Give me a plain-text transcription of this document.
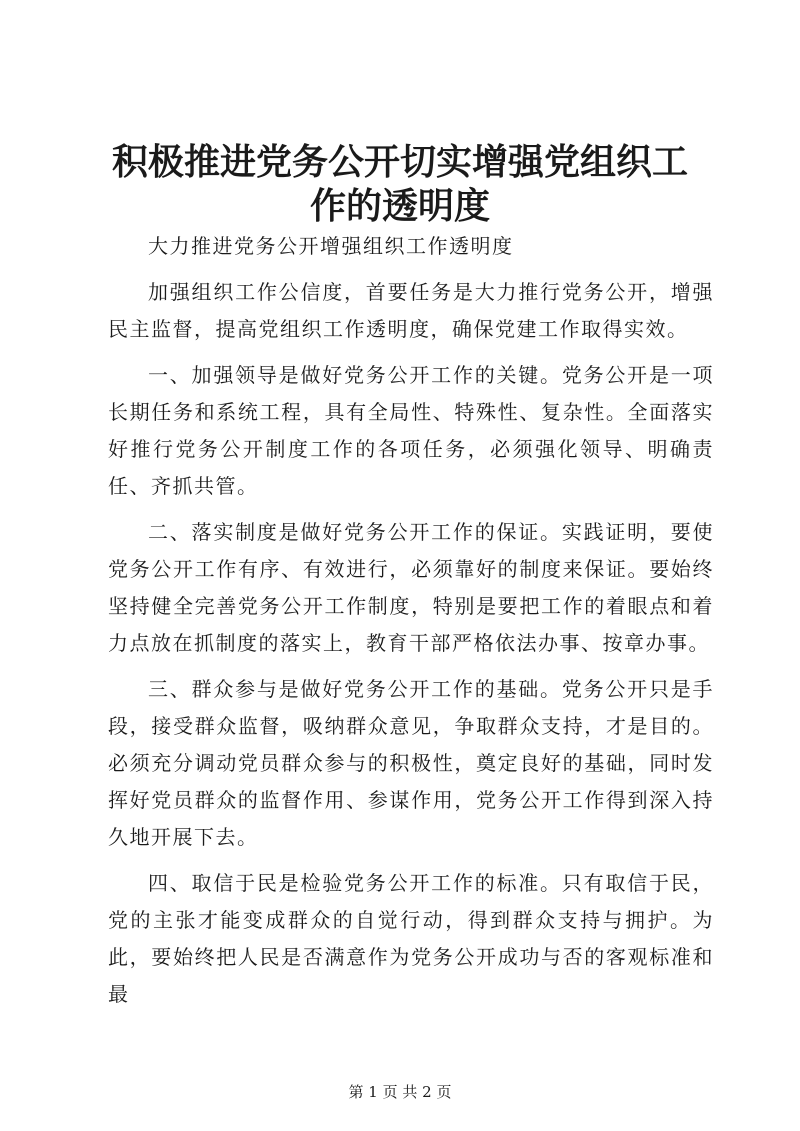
积极推进党务公开切实增强党组织工作的透明度

大力推进党务公开增强组织工作透明度

加强组织工作公信度，首要任务是大力推行党务公开，增强民主监督，提高党组织工作透明度，确保党建工作取得实效。

一、加强领导是做好党务公开工作的关键。党务公开是一项长期任务和系统工程，具有全局性、特殊性、复杂性。全面落实好推行党务公开制度工作的各项任务，必须强化领导、明确责任、齐抓共管。

二、落实制度是做好党务公开工作的保证。实践证明，要使党务公开工作有序、有效进行，必须靠好的制度来保证。要始终坚持健全完善党务公开工作制度，特别是要把工作的着眼点和着力点放在抓制度的落实上，教育干部严格依法办事、按章办事。

三、群众参与是做好党务公开工作的基础。党务公开只是手段，接受群众监督，吸纳群众意见，争取群众支持，才是目的。必须充分调动党员群众参与的积极性，奠定良好的基础，同时发挥好党员群众的监督作用、参谋作用，党务公开工作得到深入持久地开展下去。

四、取信于民是检验党务公开工作的标准。只有取信于民，党的主张才能变成群众的自觉行动，得到群众支持与拥护。为此，要始终把人民是否满意作为党务公开成功与否的客观标准和最

第 1 页 共 2 页
